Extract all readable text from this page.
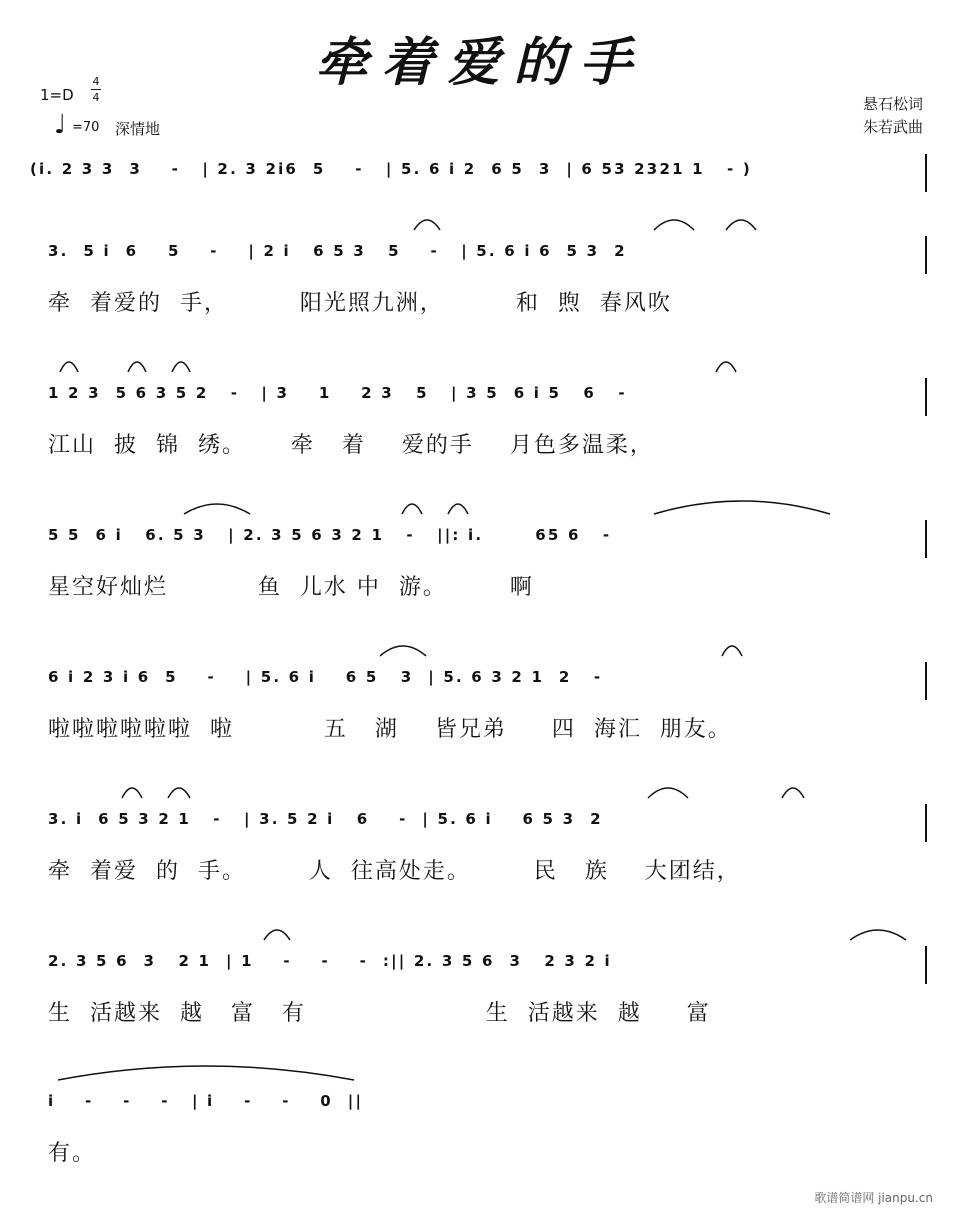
牵着爱的手
1=D
4
4
♩ =70 深情地
悬石松词
朱若武曲
(i. 2 3 3  3    -   | 2. 3 2i6  5    -   | 5. 6 i 2  6 5  3  | 6 53 2321 1   - )
3.  5 i  6    5    -    | 2 i   6 5 3   5    -   | 5. 6 i 6  5 3  2
牵  着爱的  手，        阳光照九洲，        和  煦  春风吹
1 2 3  5 6 3 5 2   -   | 3    1    2 3   5   | 3 5  6 i 5   6   -
江山  披  锦  绣。     牵   着    爱的手    月色多温柔，
5 5  6 i   6. 5 3   | 2. 3 5 6 3 2 1   -   ||: i.       65 6   -
星空好灿烂          鱼  儿水 中  游。       啊
6 i 2 3 i 6  5    -    | 5. 6 i    6 5   3  | 5. 6 3 2 1  2   -
啦啦啦啦啦啦  啦          五   湖    皆兄弟     四  海汇  朋友。
3. i  6 5 3 2 1   -   | 3. 5 2 i   6    -  | 5. 6 i    6 5 3  2
牵  着爱  的  手。       人  往高处走。       民   族    大团结，
2. 3 5 6  3   2 1  | 1    -    -    -  :|| 2. 3 5 6  3   2 3 2 i
生  活越来  越   富   有                    生  活越来  越     富
i    -    -    -   | i    -    -    0  ||
有。
歌谱简谱网 jianpu.cn
